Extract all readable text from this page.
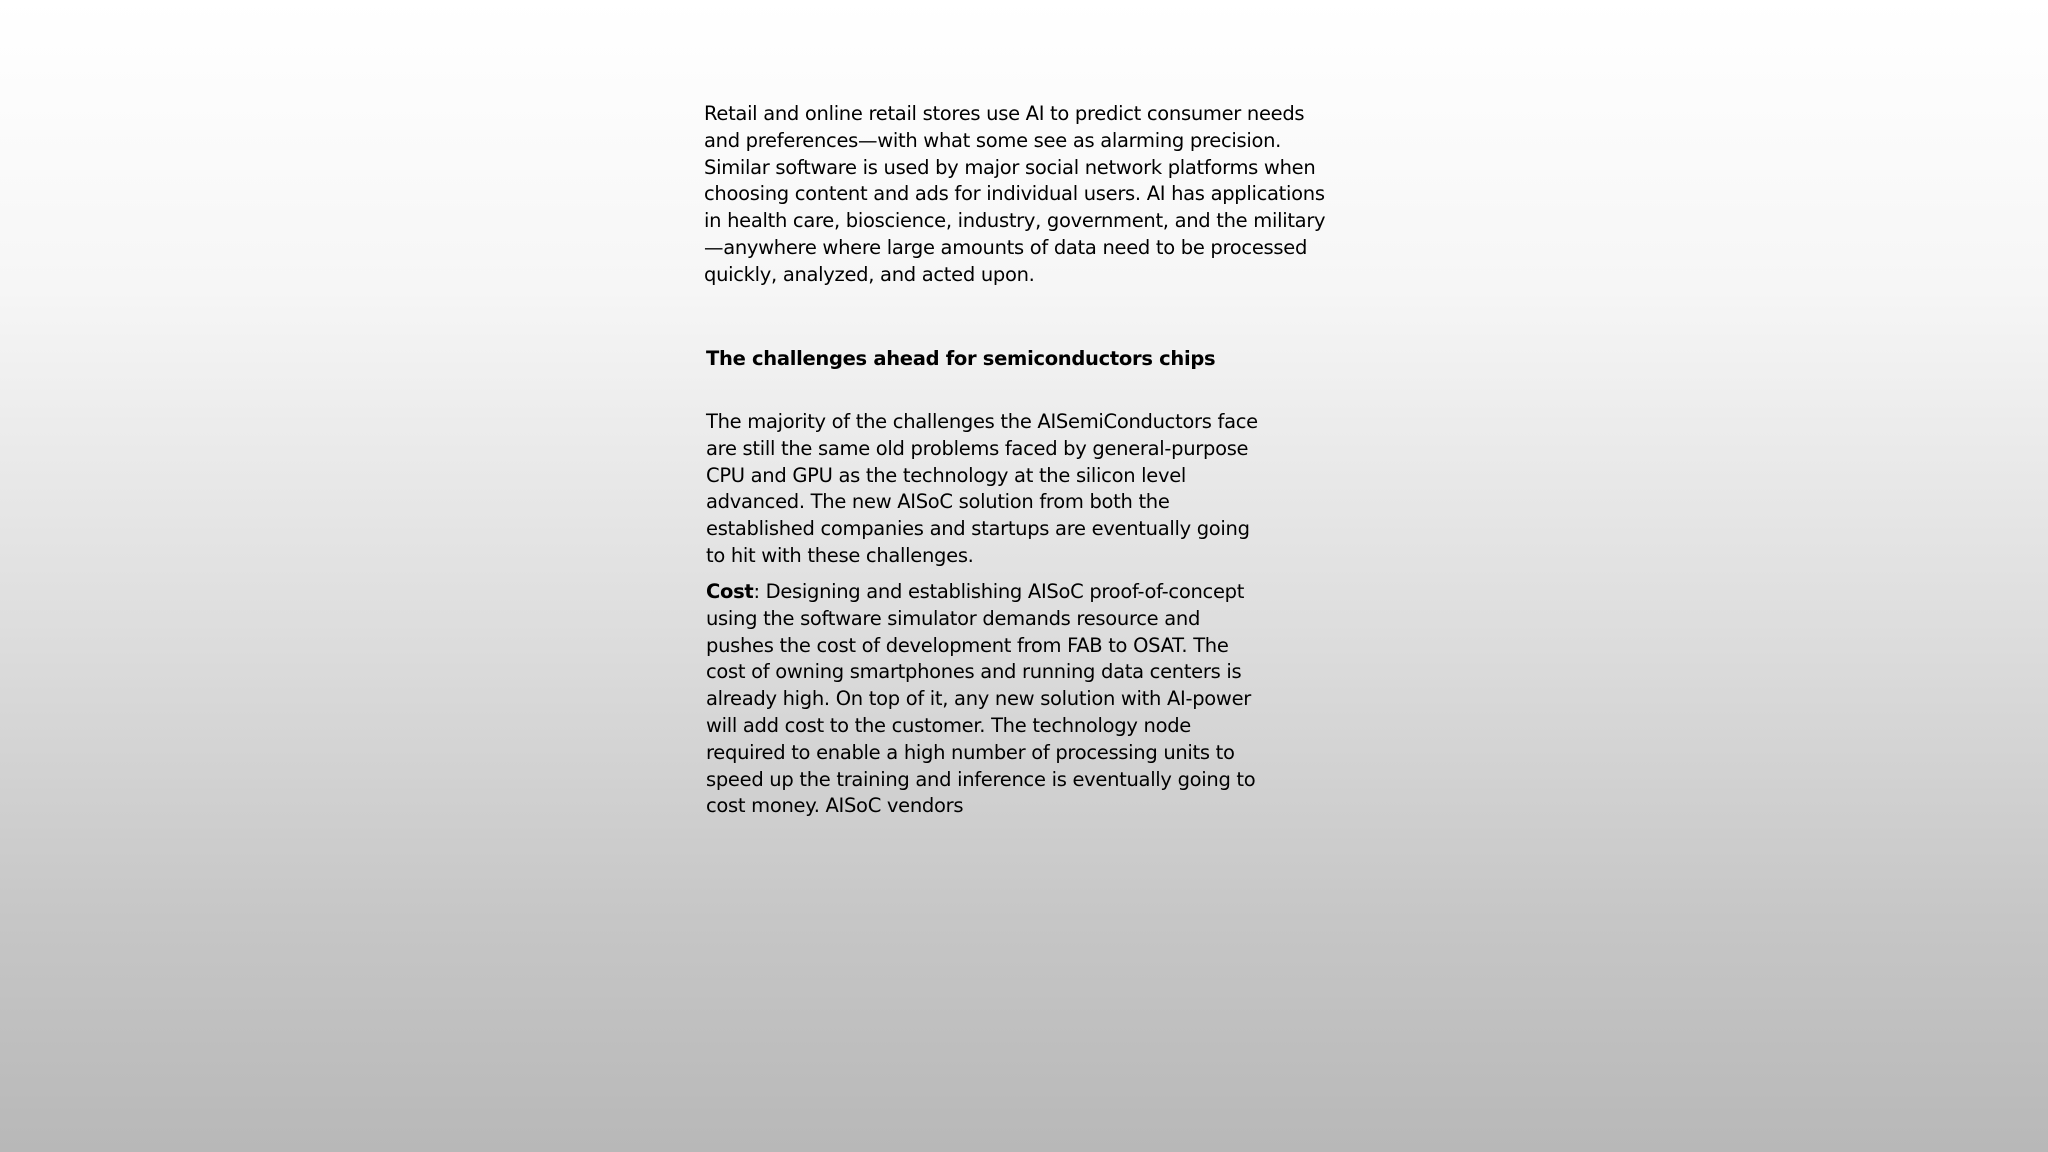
Retail and online retail stores use AI to predict consumer needs and preferences—with what some see as alarming precision. Similar software is used by major social network platforms when choosing content and ads for individual users. AI has applications in health care, bioscience, industry, government, and the military—anywhere where large amounts of data need to be processed quickly, analyzed, and acted upon.

The challenges ahead for semiconductors chips

The majority of the challenges the AISemiConductors face are still the same old problems faced by general-purpose CPU and GPU as the technology at the silicon level advanced. The new AISoC solution from both the established companies and startups are eventually going to hit with these challenges.

Cost: Designing and establishing AISoC proof-of-concept using the software simulator demands resource and pushes the cost of development from FAB to OSAT. The cost of owning smartphones and running data centers is already high. On top of it, any new solution with AI-power will add cost to the customer. The technology node required to enable a high number of processing units to speed up the training and inference is eventually going to cost money. AISoC vendors
